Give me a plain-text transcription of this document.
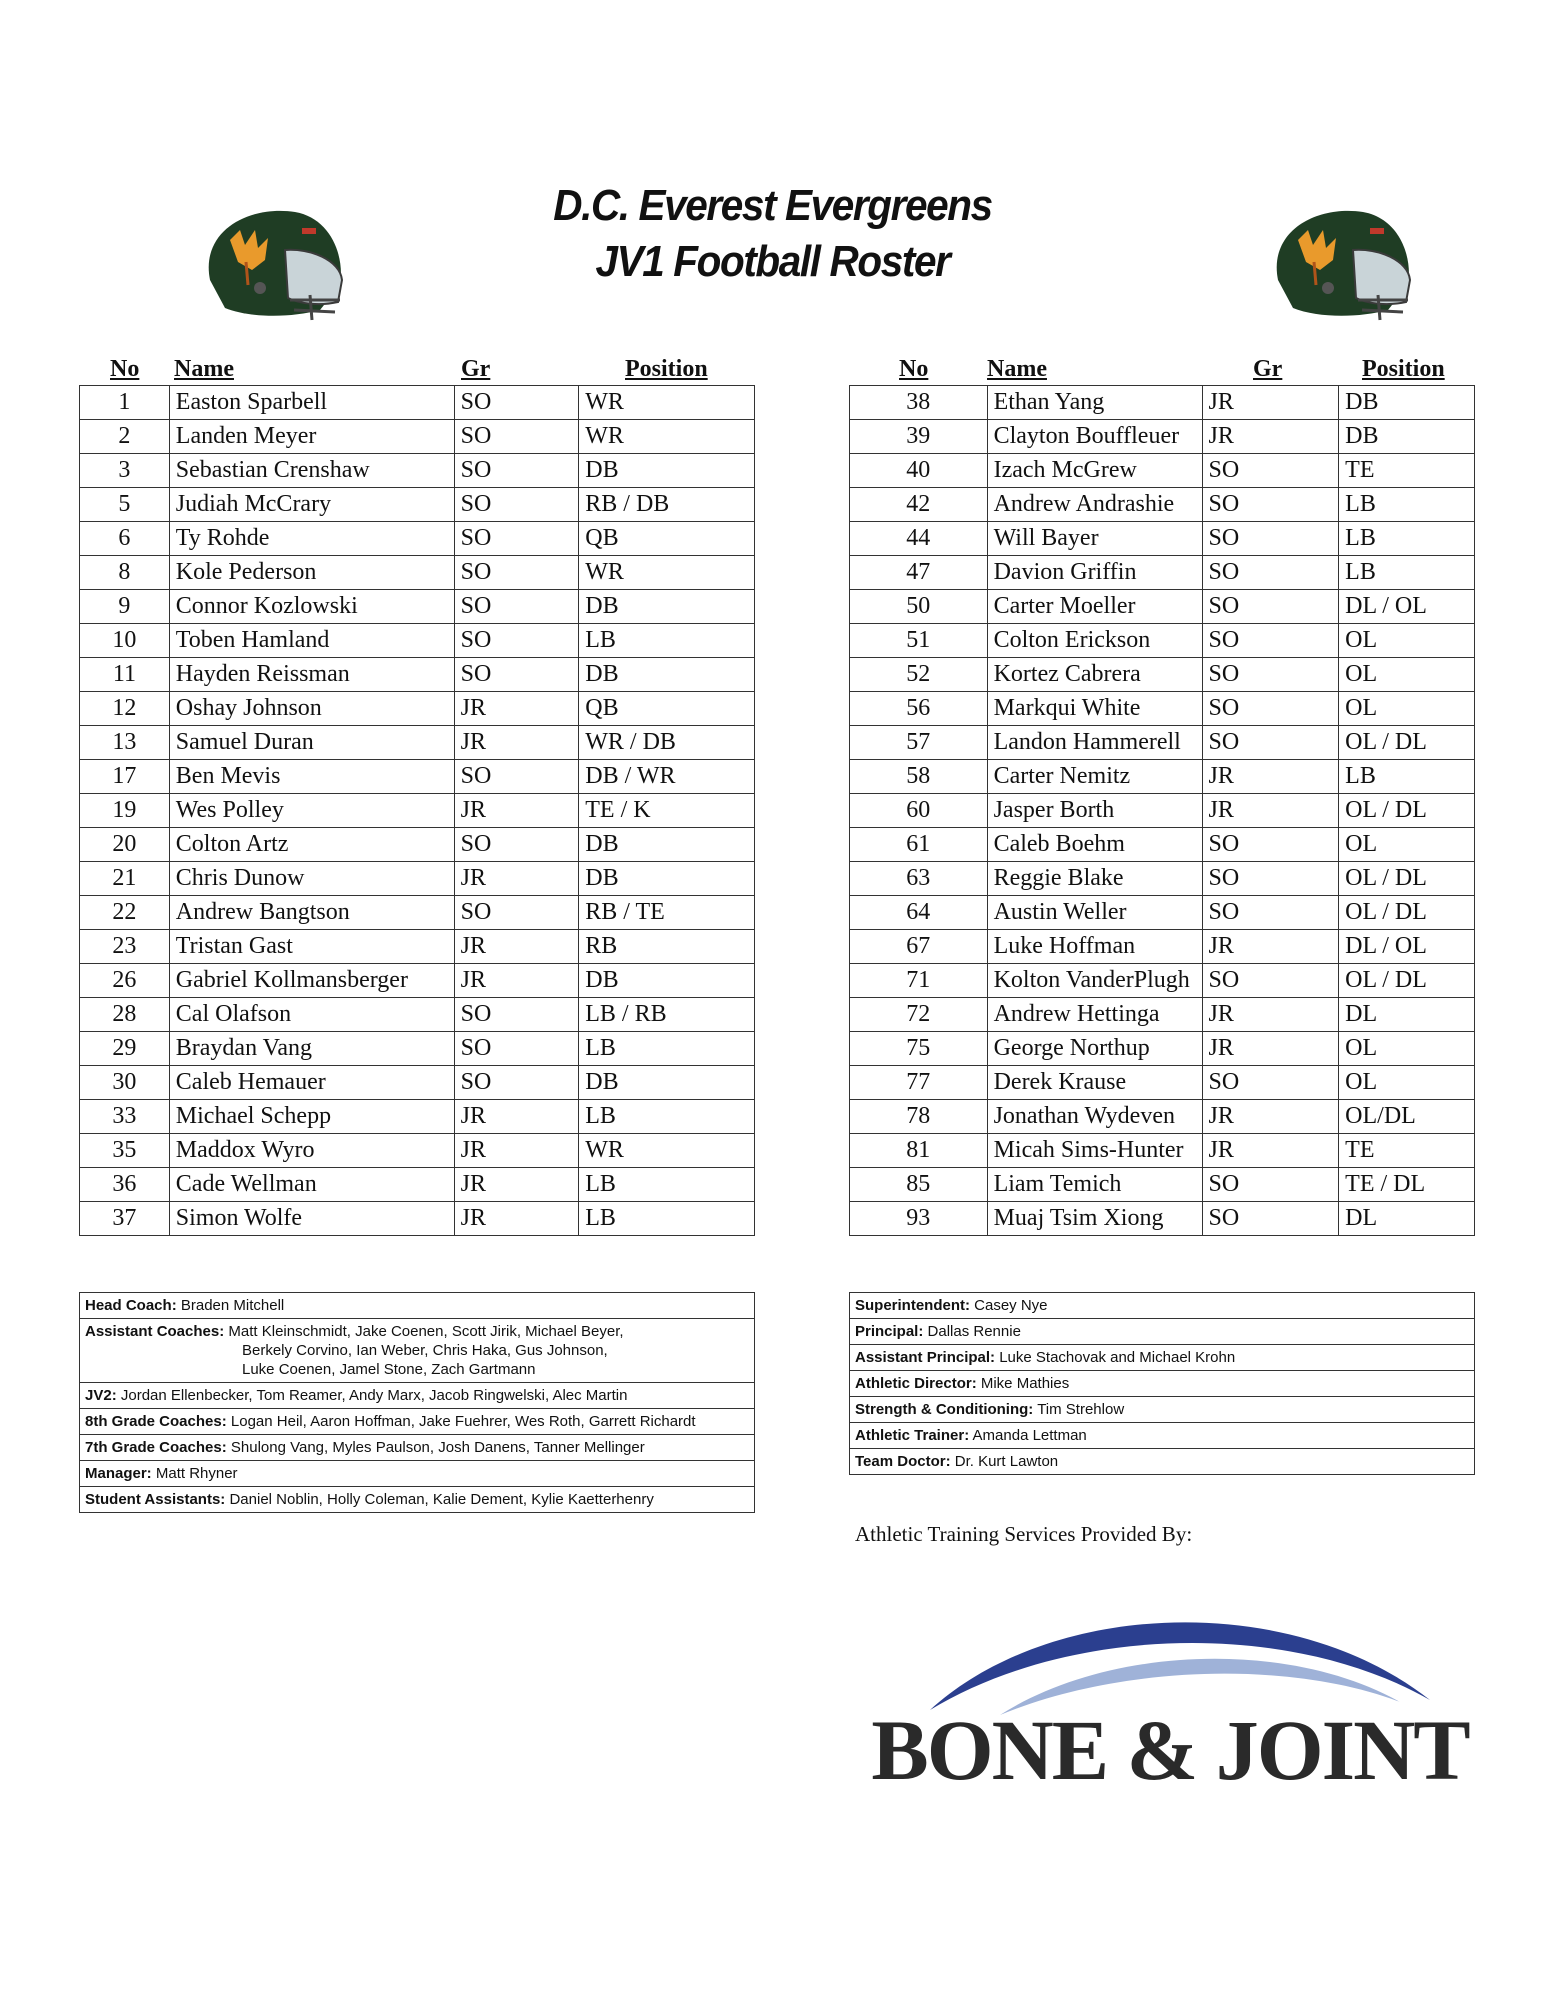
D.C. Everest Evergreens
JV1 Football Roster
No Name	Gr	Position	No Name	Gr	Position
1	Easton Sparbell	SO	WR
2	Landen Meyer	SO	WR
3	Sebastian Crenshaw	SO	DB
5	Judiah McCrary	SO	RB / DB
6	Ty Rohde	SO	QB
8	Kole Pederson	SO	WR
9	Connor Kozlowski	SO	DB
10	Toben Hamland	SO	LB
11	Hayden Reissman	SO	DB
12	Oshay Johnson	JR	QB
13	Samuel Duran	JR	WR / DB
17	Ben Mevis	SO	DB / WR
19	Wes Polley	JR	TE / K
20	Colton Artz	SO	DB
21	Chris Dunow	JR	DB
22	Andrew Bangtson	SO	RB / TE
23	Tristan Gast	JR	RB
26	Gabriel Kollmansberger	JR	DB
28	Cal Olafson	SO	LB / RB
29	Braydan Vang	SO	LB
30	Caleb Hemauer	SO	DB
33	Michael Schepp	JR	LB
35	Maddox Wyro	JR	WR
36	Cade Wellman	JR	LB
37	Simon Wolfe	JR	LB
38	Ethan Yang	JR	DB
39	Clayton Bouffleuer	JR	DB
40	Izach McGrew	SO	TE
42	Andrew Andrashie	SO	LB
44	Will Bayer	SO	LB
47	Davion Griffin	SO	LB
50	Carter Moeller	SO	DL / OL
51	Colton Erickson	SO	OL
52	Kortez Cabrera	SO	OL
56	Markqui White	SO	OL
57	Landon Hammerell	SO	OL / DL
58	Carter Nemitz	JR	LB
60	Jasper Borth	JR	OL / DL
61	Caleb Boehm	SO	OL
63	Reggie Blake	SO	OL / DL
64	Austin Weller	SO	OL / DL
67	Luke Hoffman	JR	DL / OL
71	Kolton VanderPlugh	SO	OL / DL
72	Andrew Hettinga	JR	DL
75	George Northup	JR	OL
77	Derek Krause	SO	OL
78	Jonathan Wydeven	JR	OL/DL
81	Micah Sims-Hunter	JR	TE
85	Liam Temich	SO	TE / DL
93	Muaj Tsim Xiong	SO	DL
Head Coach: Braden Mitchell
Assistant Coaches: Matt Kleinschmidt, Jake Coenen, Scott Jirik, Michael Beyer,
Berkely Corvino, Ian Weber, Chris Haka, Gus Johnson,
Luke Coenen, Jamel Stone, Zach Gartmann

JV2: Jordan Ellenbecker, Tom Reamer, Andy Marx, Jacob Ringwelski, Alec Martin
8th Grade Coaches: Logan Heil, Aaron Hoffman, Jake Fuehrer, Wes Roth, Garrett Richardt
7th Grade Coaches: Shulong Vang, Myles Paulson, Josh Danens, Tanner Mellinger
Manager: Matt Rhyner
Student Assistants: Daniel Noblin, Holly Coleman, Kalie Dement, Kylie Kaetterhenry
Superintendent: Casey Nye
Principal: Dallas Rennie
Assistant Principal: Luke Stachovak and Michael Krohn
Athletic Director: Mike Mathies
Strength & Conditioning: Tim Strehlow
Athletic Trainer: Amanda Lettman
Team Doctor: Dr. Kurt Lawton
Athletic Training Services Provided By:
BONE & JOINT
